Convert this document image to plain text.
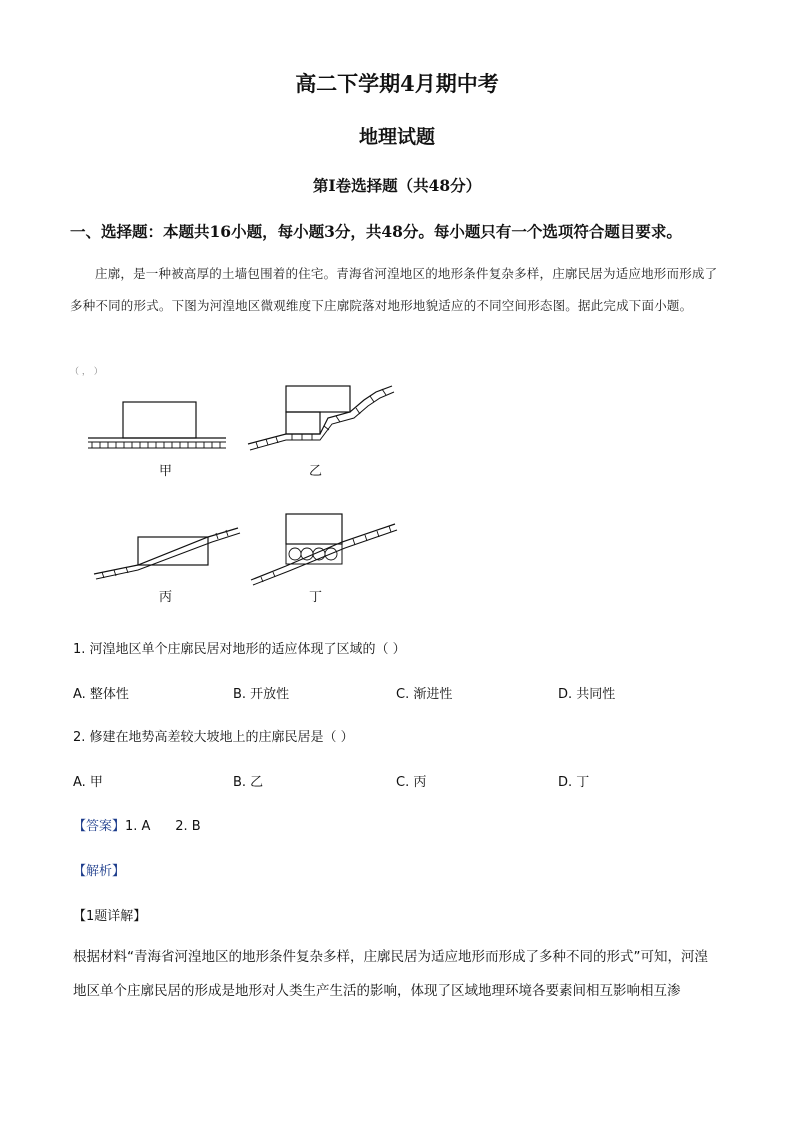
高二下学期4月期中考
地理试题
第Ⅰ卷选择题（共48分）
一、选择题：本题共16小题，每小题3分，共48分。每小题只有一个选项符合题目要求。

庄廓，是一种被高厚的土墙包围着的住宅。青海省河湟地区的地形条件复杂多样，庄廓民居为适应地形而形成了多种不同的形式。下图为河湟地区微观维度下庄廓院落对地形地貌适应的不同空间形态图。据此完成下面小题。

（ ， ）
甲	乙
丙	丁
1. 河湟地区单个庄廓民居对地形的适应体现了区域的（ ）
A. 整体性	B. 开放性	C. 渐进性	D. 共同性
2. 修建在地势高差较大坡地上的庄廓民居是（ ）
A. 甲	B. 乙	C. 丙	D. 丁
【答案】1. A      2. B
【解析】
【1题详解】

根据材料“青海省河湟地区的地形条件复杂多样，庄廓民居为适应地形而形成了多种不同的形式”可知，河湟地区单个庄廓民居的形成是地形对人类生产生活的影响，体现了区域地理环境各要素间相互影响相互渗
